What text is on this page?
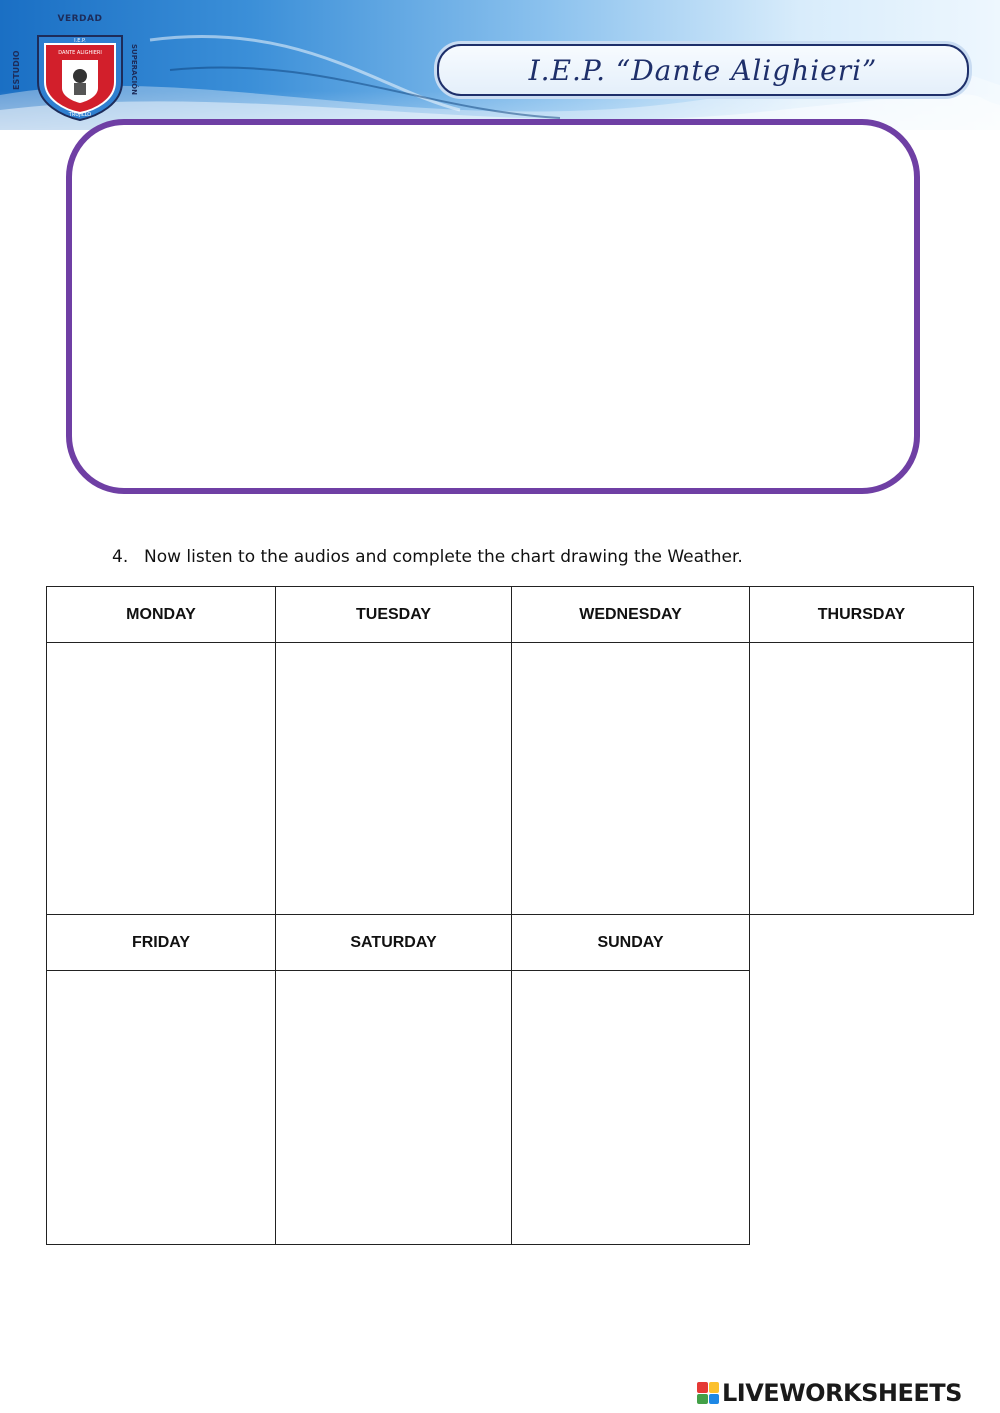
VERDAD
ESTUDIO	SUPERACIÓN
I.E.P.
DANTE ALIGHIERI
TRUJILLO
I.E.P. “Dante Alighieri”
4. Now listen to the audios and complete the chart drawing the Weather.
MONDAY	TUESDAY	WEDNESDAY	THURSDAY
FRIDAY	SATURDAY	SUNDAY
LIVEWORKSHEETS
